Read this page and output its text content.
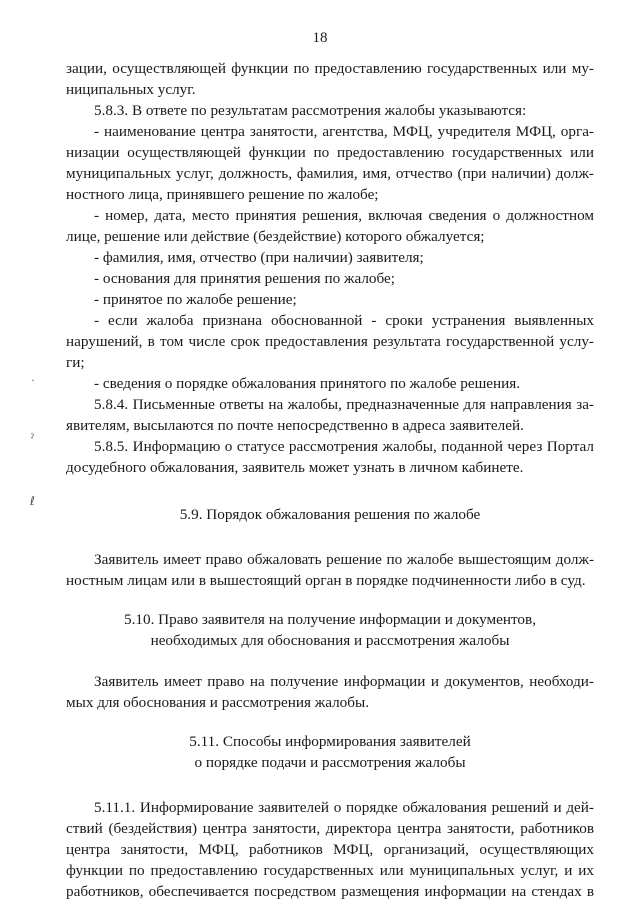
18
˙
ˀ
ℓ
зации, осуществляющей функции по предоставлению государственных или му-
ниципальных услуг.
5.8.3. В ответе по результатам рассмотрения жалобы указываются:
- наименование центра занятости, агентства, МФЦ, учредителя МФЦ, орга-
низации осуществляющей функции по предоставлению государственных или
муниципальных услуг, должность, фамилия, имя, отчество (при наличии) долж-
ностного лица, принявшего решение по жалобе;
- номер, дата, место принятия решения, включая сведения о должностном
лице, решение или действие (бездействие) которого обжалуется;
- фамилия, имя, отчество (при наличии) заявителя;
- основания для принятия решения по жалобе;
- принятое по жалобе решение;
- если жалоба признана обоснованной - сроки устранения выявленных
нарушений, в том числе срок предоставления результата государственной услу-
ги;
- сведения о порядке обжалования принятого по жалобе решения.
5.8.4. Письменные ответы на жалобы, предназначенные для направления за-
явителям, высылаются по почте непосредственно в адреса заявителей.
5.8.5. Информацию о статусе рассмотрения жалобы, поданной через Портал
досудебного обжалования, заявитель может узнать в личном кабинете.
5.9. Порядок обжалования решения по жалобе
Заявитель имеет право обжаловать решение по жалобе вышестоящим долж-
ностным лицам или в вышестоящий орган в порядке подчиненности либо в суд.
5.10. Право заявителя на получение информации и документов,
необходимых для обоснования и рассмотрения жалобы
Заявитель имеет право на получение информации и документов, необходи-
мых для обоснования и рассмотрения жалобы.
5.11. Способы информирования заявителей
о порядке подачи и рассмотрения жалобы
5.11.1. Информирование заявителей о порядке обжалования решений и дей-
ствий (бездействия) центра занятости, директора центра занятости, работников
центра занятости, МФЦ, работников МФЦ, организаций, осуществляющих
функции по предоставлению государственных или муниципальных услуг, и их
работников, обеспечивается посредством размещения информации на стендах в
